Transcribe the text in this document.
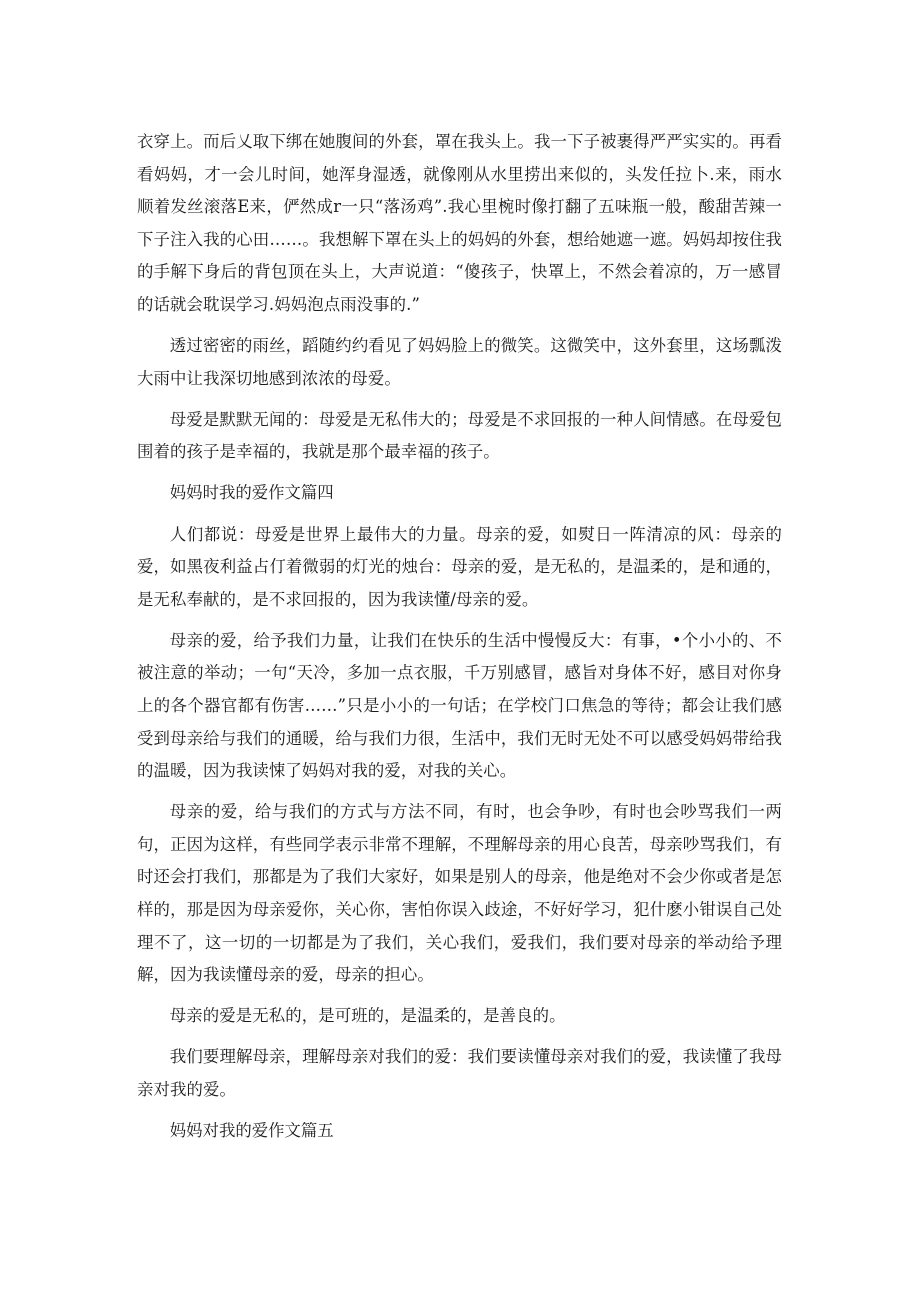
衣穿上。而后乂取下绑在她腹间的外套，罩在我头上。我一下子被裹得严严实实的。再看看妈妈，才一会儿时间，她浑身湿透，就像刚从水里捞出来似的，头发任拉卜.来，雨水顺着发丝滚落E来，俨然成r一只“落汤鸡”.我心里椀时像打翻了五味瓶一般，酸甜苦辣一下子注入我的心田……。我想解下罩在头上的妈妈的外套，想给她遮一遮。妈妈却按住我的手解下身后的背包顶在头上，大声说道：“傻孩子，快罩上，不然会着凉的，万一感冒的话就会耽误学习.妈妈泡点雨没事的.”

透过密密的雨丝，蹈随约约看见了妈妈脸上的微笑。这微笑中，这外套里，这场瓢泼大雨中让我深切地感到浓浓的母爱。

母爱是默默无闻的：母爱是无私伟大的；母爱是不求回报的一种人间情感。在母爱包围着的孩子是幸福的，我就是那个最幸福的孩子。

妈妈时我的爱作文篇四

人们都说：母爱是世界上最伟大的力量。母亲的爱，如熨日一阵清凉的风：母亲的爱，如黑夜利益占仃着微弱的灯光的烛台：母亲的爱，是无私的，是温柔的，是和通的，是无私奉献的，是不求回报的，因为我读懂/母亲的爱。

母亲的爱，给予我们力量，让我们在快乐的生活中慢慢反大：有事，•个小小的、不被注意的举动；一句“天冷，多加一点衣服，千万别感冒，感旨对身体不好，感目对你身上的各个器官都有伤害……”只是小小的一句话；在学校门口焦急的等待；都会让我们感受到母亲给与我们的通暖，给与我们力很，生活中，我们无时无处不可以感受妈妈带给我的温暖，因为我读悚了妈妈对我的爱，对我的关心。

母亲的爱，给与我们的方式与方法不同，有时，也会争吵，有时也会吵骂我们一两句，正因为这样，有些同学表示非常不理解，不理解母亲的用心良苦，母亲吵骂我们，有时还会打我们，那都是为了我们大家好，如果是别人的母亲，他是绝对不会少你或者是怎样的，那是因为母亲爱你，关心你，害怕你误入歧途，不好好学习，犯什麽小钳误自己处理不了，这一切的一切都是为了我们，关心我们，爱我们，我们要对母亲的举动给予理解，因为我读懂母亲的爱，母亲的担心。

母亲的爱是无私的，是可班的，是温柔的，是善良的。

我们要理解母亲，理解母亲对我们的爱：我们要读懂母亲对我们的爱，我读懂了我母亲对我的爱。

妈妈对我的爱作文篇五
